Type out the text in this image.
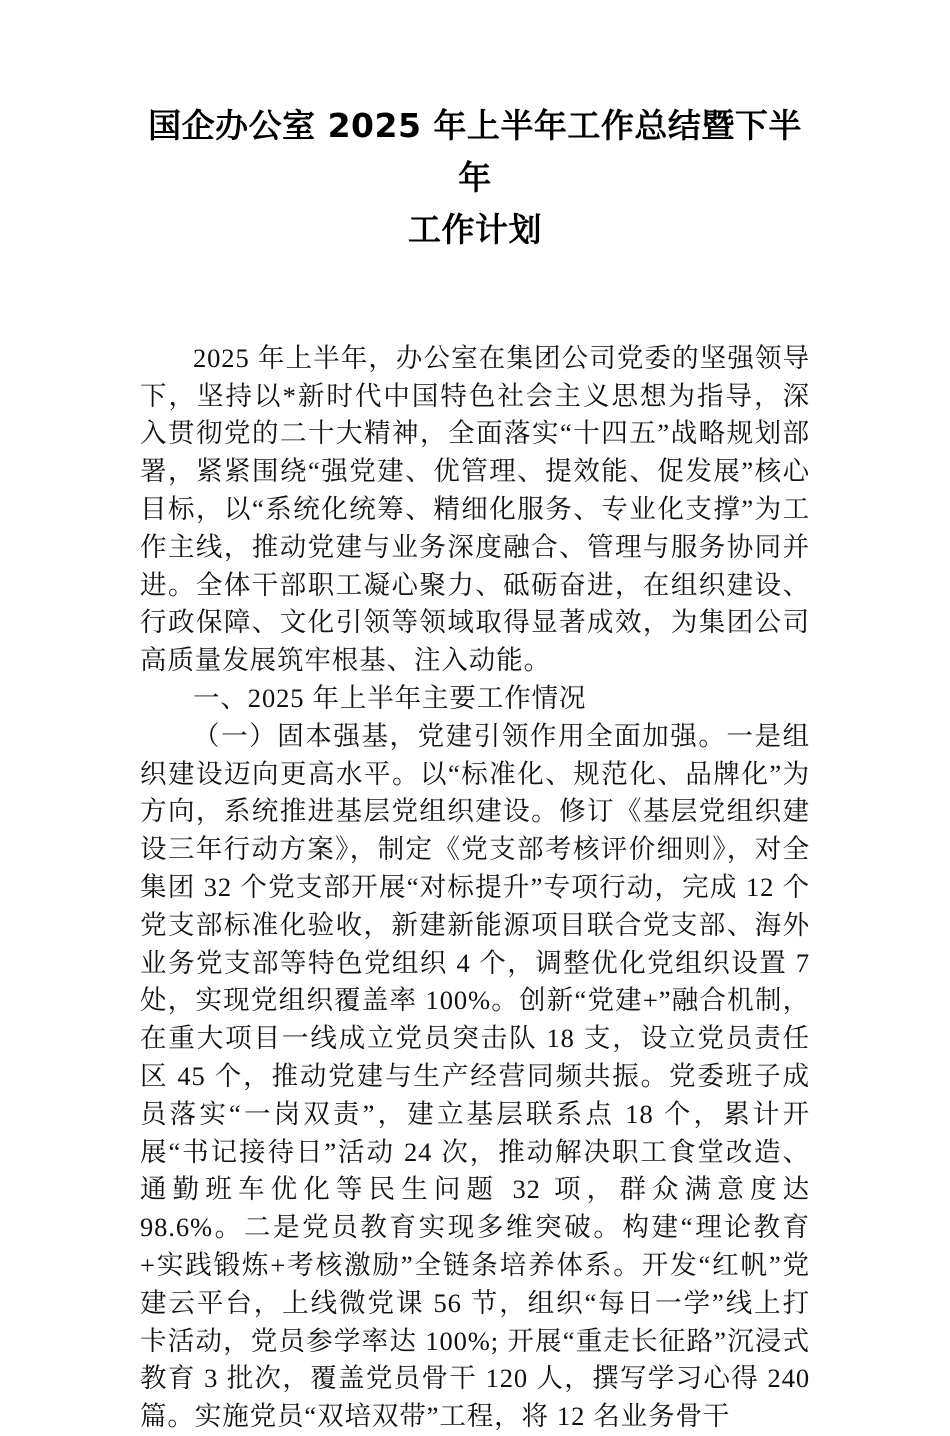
国企办公室 2025 年上半年工作总结暨下半年
工作计划

2025 年上半年，办公室在集团公司党委的坚强领导下，坚持以*新时代中国特色社会主义思想为指导，深入贯彻党的二十大精神，全面落实“十四五”战略规划部署，紧紧围绕“强党建、优管理、提效能、促发展”核心目标，以“系统化统筹、精细化服务、专业化支撑”为工作主线，推动党建与业务深度融合、管理与服务协同并进。全体干部职工凝心聚力、砥砺奋进，在组织建设、行政保障、文化引领等领域取得显著成效，为集团公司高质量发展筑牢根基、注入动能。

一、2025 年上半年主要工作情况

（一）固本强基，党建引领作用全面加强。一是组织建设迈向更高水平。以“标准化、规范化、品牌化”为方向，系统推进基层党组织建设。修订《基层党组织建设三年行动方案》，制定《党支部考核评价细则》，对全集团 32 个党支部开展“对标提升”专项行动，完成 12 个党支部标准化验收，新建新能源项目联合党支部、海外业务党支部等特色党组织 4 个，调整优化党组织设置 7 处，实现党组织覆盖率 100%。创新“党建+”融合机制，在重大项目一线成立党员突击队 18 支，设立党员责任区 45 个，推动党建与生产经营同频共振。党委班子成员落实“一岗双责”，建立基层联系点 18 个，累计开展“书记接待日”活动 24 次，推动解决职工食堂改造、通勤班车优化等民生问题 32 项，群众满意度达 98.6%。二是党员教育实现多维突破。构建“理论教育+实践锻炼+考核激励”全链条培养体系。开发“红帆”党建云平台，上线微党课 56 节，组织“每日一学”线上打卡活动，党员参学率达 100%; 开展“重走长征路”沉浸式教育 3 批次，覆盖党员骨干 120 人，撰写学习心得 240 篇。实施党员“双培双带”工程，将 12 名业务骨干
